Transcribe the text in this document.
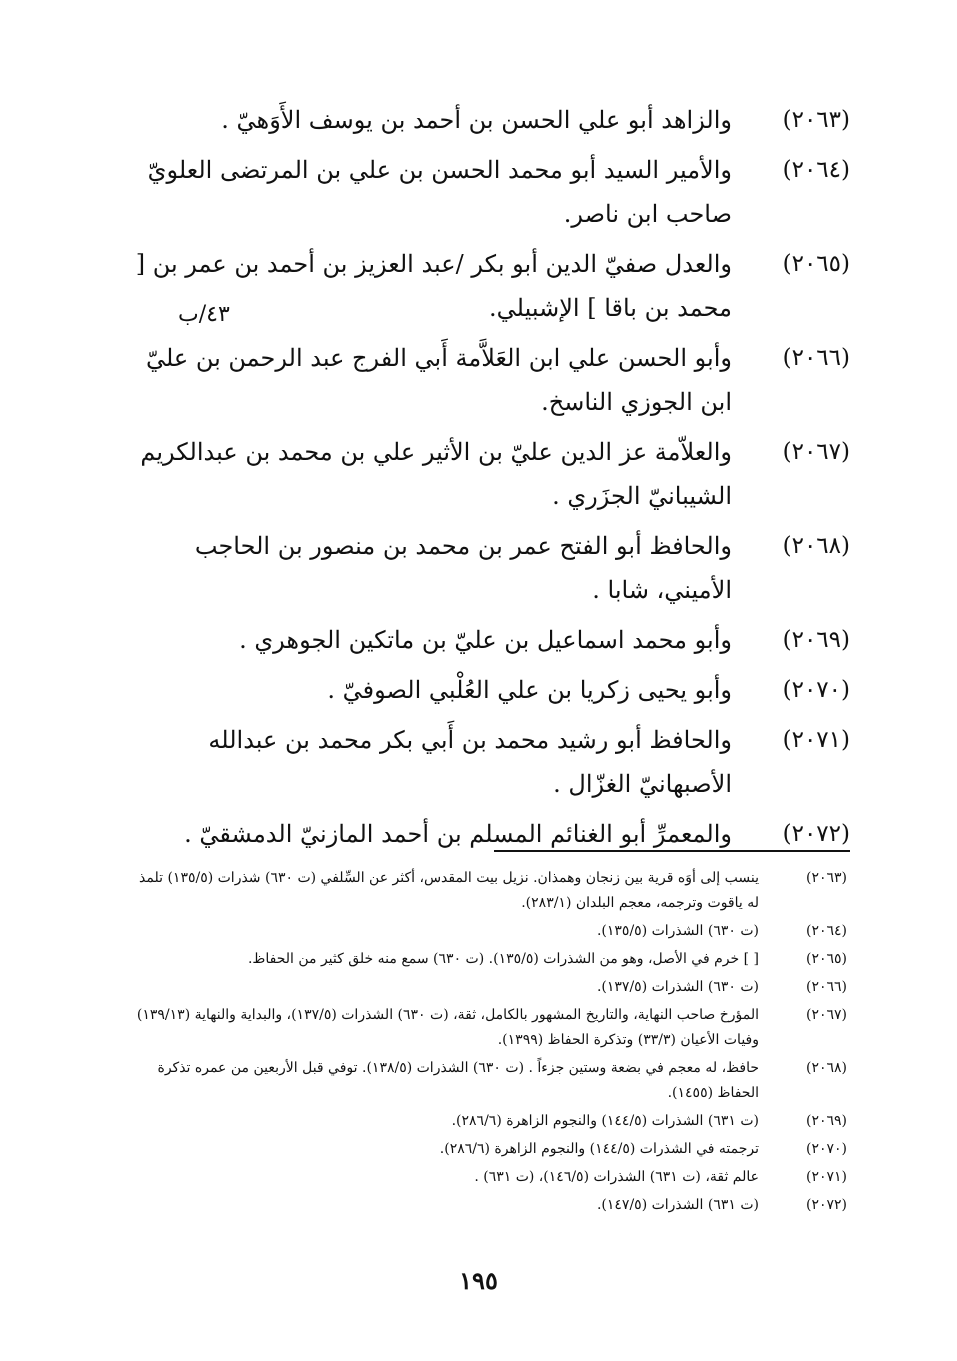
(٢٠٦٣)
والزاهد أبو علي الحسن بن أحمد بن يوسف الأَوَهيّ .
(٢٠٦٤)
والأمير السيد أبو محمد الحسن بن علي بن المرتضى العلويّ صاحب ابن ناصر.
(٢٠٦٥)
والعدل صفيّ الدين أبو بكر /عبد العزيز بن أحمد بن عمر بن [ محمد بن باقا ] الإشبيلي.
(٢٠٦٦)
وأبو الحسن علي ابن العَلاَّمة أَبي الفرج عبد الرحمن بن عليّ ابن الجوزي الناسخ.
(٢٠٦٧)
والعلاّمة عز الدين عليّ بن الأثير علي بن محمد بن عبدالكريم الشيبانيّ الجزَري .
(٢٠٦٨)
والحافظ أبو الفتح عمر بن محمد بن منصور بن الحاجب الأميني، شابا .
(٢٠٦٩)
وأبو محمد اسماعيل بن عليّ بن ماتكين الجوهري .
(٢٠٧٠)
وأبو يحيى زكريا بن علي العُلْبي الصوفيّ .
(٢٠٧١)
والحافظ أبو رشيد محمد بن أَبي بكر محمد بن عبدالله الأصبهانيّ الغزّال .
(٢٠٧٢)
والمعمرِّ أبو الغنائم المسلم بن أحمد المازنيّ الدمشقيّ .
٤٣/ب
(٢٠٦٣)
ينسب إلى أوَه قرية بين زنجان وهمذان. نزيل بيت المقدس، أكثر عن السِّلفي (ت ٦٣٠) شذرات (١٣٥/٥) تلمذ له ياقوت وترجمه، معجم البلدان (٢٨٣/١).
(٢٠٦٤)
(ت ٦٣٠) الشذرات (١٣٥/٥).
(٢٠٦٥)
[ ] خرم في الأصل، وهو من الشذرات (١٣٥/٥). (ت ٦٣٠) سمع منه خلق كثير من الحفاظ.
(٢٠٦٦)
(ت ٦٣٠) الشذرات (١٣٧/٥).
(٢٠٦٧)
المؤرخ صاحب النهاية، والتاريخ المشهور بالكامل، ثقة، (ت ٦٣٠) الشذرات (١٣٧/٥)، والبداية والنهاية (١٣٩/١٣) وفيات الأعيان (٣٣/٣) وتذكرة الحفاظ (١٣٩٩).
(٢٠٦٨)
حافظ، له معجم في بضعة وستين جزءاً . (ت ٦٣٠) الشذرات (١٣٨/٥). توفي قبل الأربعين من عمره تذكرة الحفاظ (١٤٥٥).
(٢٠٦٩)
(ت ٦٣١) الشذرات (١٤٤/٥) والنجوم الزاهرة (٢٨٦/٦).
(٢٠٧٠)
ترجمته في الشذرات (١٤٤/٥) والنجوم الزاهرة (٢٨٦/٦).
(٢٠٧١)
عالم ثقة، (ت ٦٣١) الشذرات (١٤٦/٥)، (ت ٦٣١) .
(٢٠٧٢)
(ت ٦٣١) الشذرات (١٤٧/٥).
١٩٥
